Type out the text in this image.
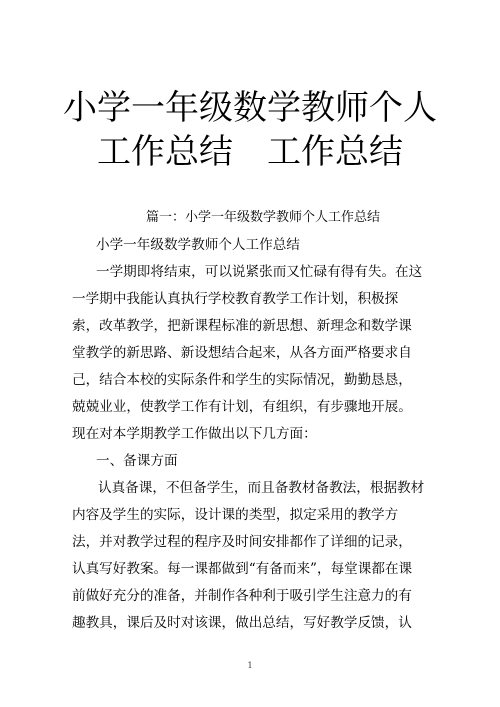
小学一年级数学教师个人
工作总结　工作总结
篇一：小学一年级数学教师个人工作总结
小学一年级数学教师个人工作总结
一学期即将结束，可以说紧张而又忙碌有得有失。在这
一学期中我能认真执行学校教育教学工作计划，积极探
索，改革教学，把新课程标准的新思想、新理念和数学课
堂教学的新思路、新设想结合起来，从各方面严格要求自
己，结合本校的实际条件和学生的实际情况，勤勤恳恳，
兢兢业业，使教学工作有计划，有组织，有步骤地开展。
现在对本学期教学工作做出以下几方面：
一、备课方面
认真备课，不但备学生，而且备教材备教法，根据教材
内容及学生的实际，设计课的类型，拟定采用的教学方
法，并对教学过程的程序及时间安排都作了详细的记录，
认真写好教案。每一课都做到“有备而来”，每堂课都在课
前做好充分的准备，并制作各种利于吸引学生注意力的有
趣教具，课后及时对该课，做出总结，写好教学反馈，认
1
